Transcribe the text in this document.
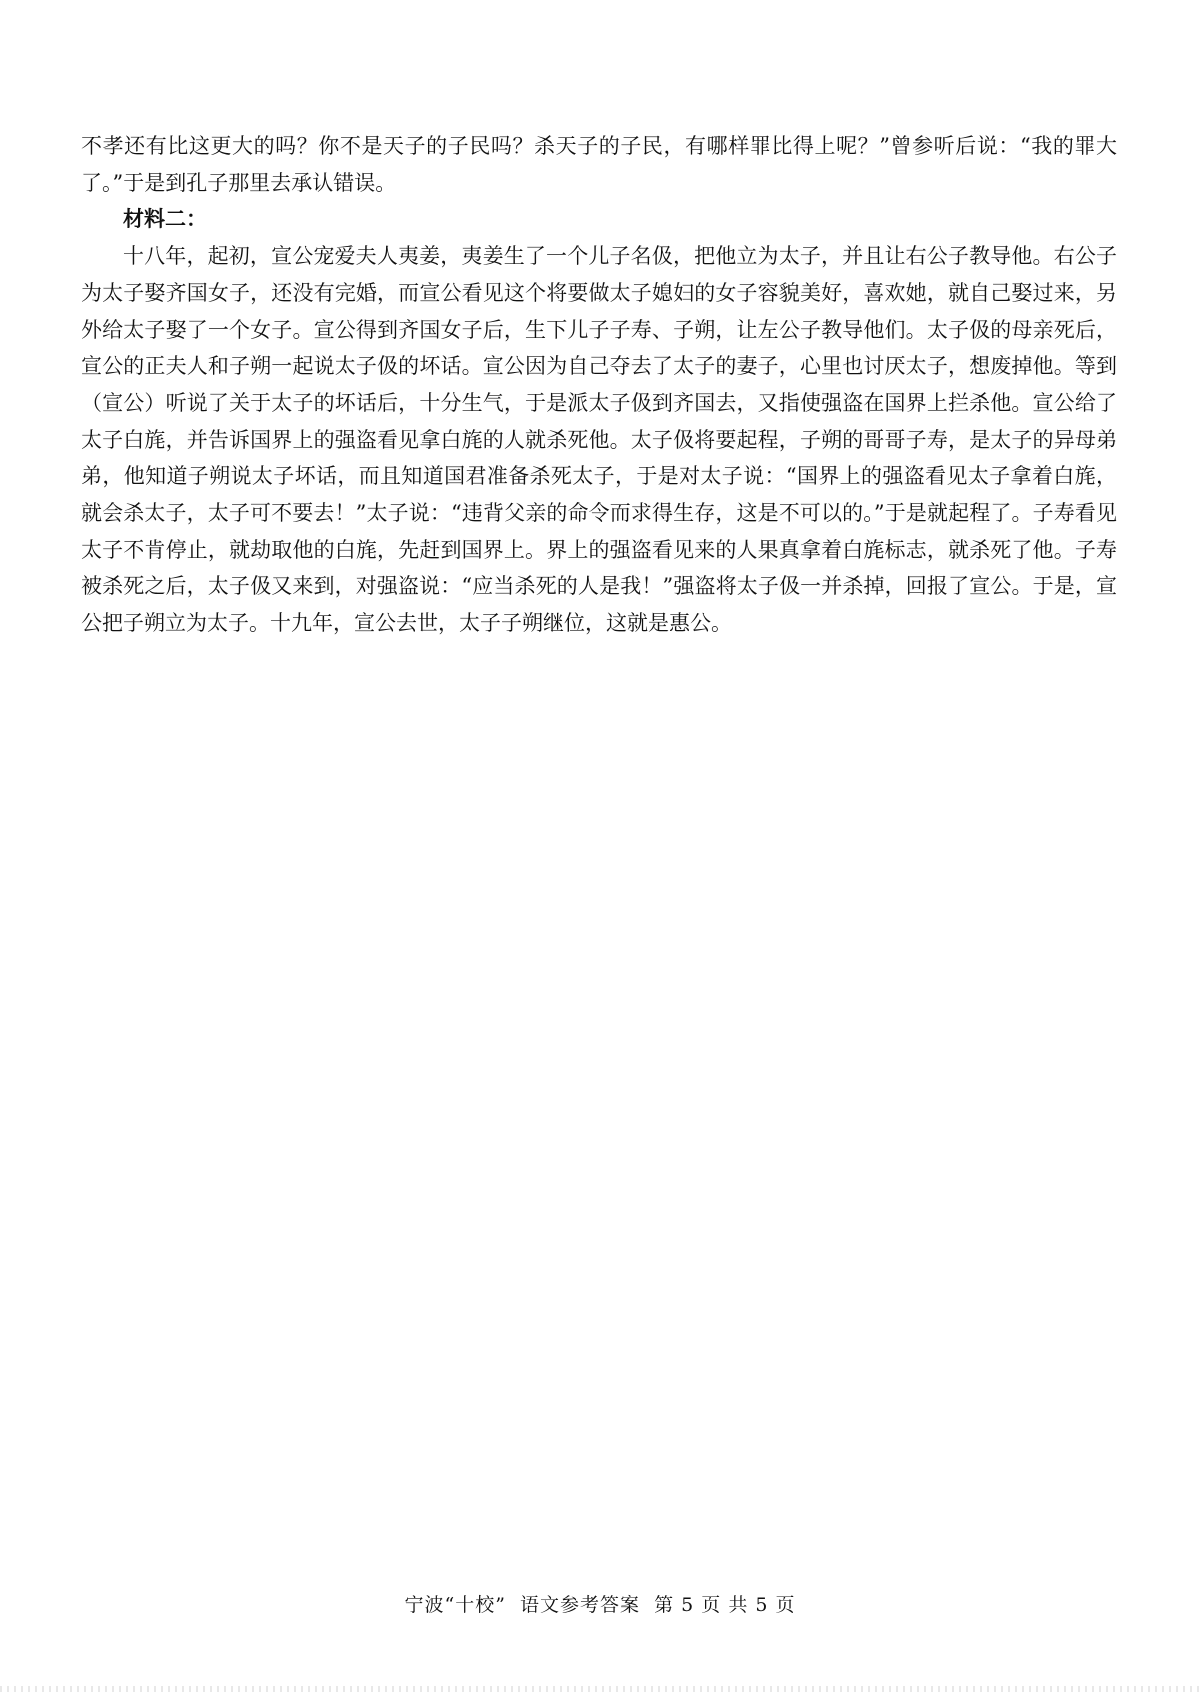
不孝还有比这更大的吗？你不是天子的子民吗？杀天子的子民，有哪样罪比得上呢？”曾参听后说：“我的罪大了。”于是到孔子那里去承认错误。

材料二：

十八年，起初，宣公宠爱夫人夷姜，夷姜生了一个儿子名伋，把他立为太子，并且让右公子教导他。右公子为太子娶齐国女子，还没有完婚，而宣公看见这个将要做太子媳妇的女子容貌美好，喜欢她，就自己娶过来，另外给太子娶了一个女子。宣公得到齐国女子后，生下儿子子寿、子朔，让左公子教导他们。太子伋的母亲死后，宣公的正夫人和子朔一起说太子伋的坏话。宣公因为自己夺去了太子的妻子，心里也讨厌太子，想废掉他。等到（宣公）听说了关于太子的坏话后，十分生气，于是派太子伋到齐国去，又指使强盗在国界上拦杀他。宣公给了太子白旄，并告诉国界上的强盗看见拿白旄的人就杀死他。太子伋将要起程，子朔的哥哥子寿，是太子的异母弟弟，他知道子朔说太子坏话，而且知道国君准备杀死太子，于是对太子说：“国界上的强盗看见太子拿着白旄，就会杀太子，太子可不要去！”太子说：“违背父亲的命令而求得生存，这是不可以的。”于是就起程了。子寿看见太子不肯停止，就劫取他的白旄，先赶到国界上。界上的强盗看见来的人果真拿着白旄标志，就杀死了他。子寿被杀死之后，太子伋又来到，对强盗说：“应当杀死的人是我！”强盗将太子伋一并杀掉，回报了宣公。于是，宣公把子朔立为太子。十九年，宣公去世，太子子朔继位，这就是惠公。

宁波“十校” 语文参考答案 第 5 页 共 5 页
